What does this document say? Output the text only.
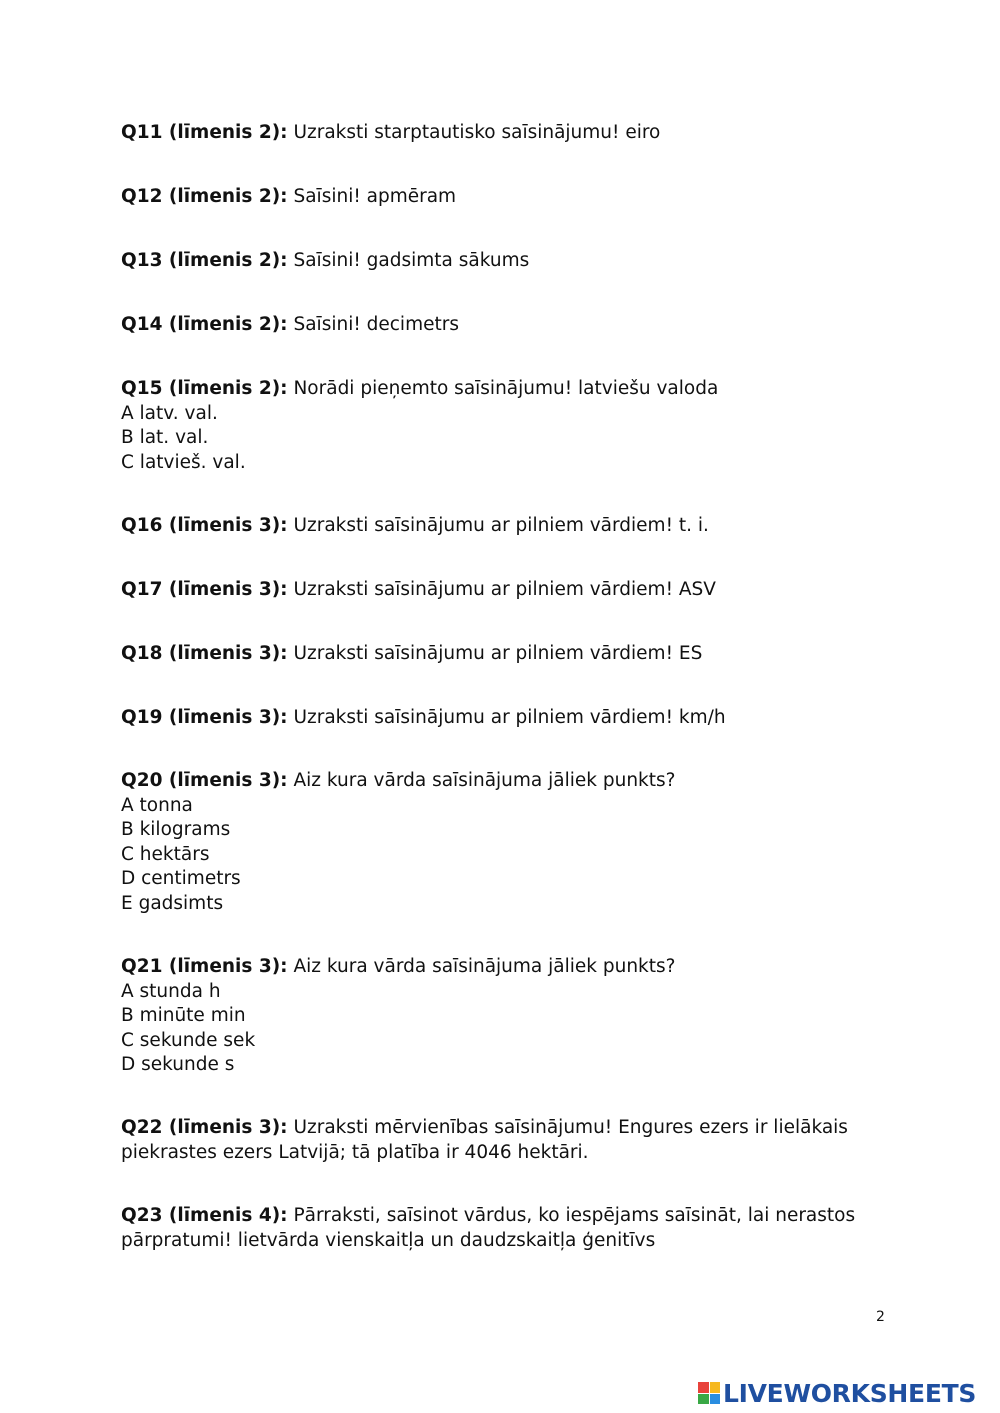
Q11 (līmenis 2): Uzraksti starptautisko saīsinājumu! eiro
Q12 (līmenis 2): Saīsini! apmēram
Q13 (līmenis 2): Saīsini! gadsimta sākums
Q14 (līmenis 2): Saīsini! decimetrs
Q15 (līmenis 2): Norādi pieņemto saīsinājumu! latviešu valoda
A latv. val.
B lat. val.
C latvieš. val.
Q16 (līmenis 3): Uzraksti saīsinājumu ar pilniem vārdiem! t. i.
Q17 (līmenis 3): Uzraksti saīsinājumu ar pilniem vārdiem! ASV
Q18 (līmenis 3): Uzraksti saīsinājumu ar pilniem vārdiem! ES
Q19 (līmenis 3): Uzraksti saīsinājumu ar pilniem vārdiem! km/h
Q20 (līmenis 3): Aiz kura vārda saīsinājuma jāliek punkts?
A tonna
B kilograms
C hektārs
D centimetrs
E gadsimts
Q21 (līmenis 3): Aiz kura vārda saīsinājuma jāliek punkts?
A stunda h
B minūte min
C sekunde sek
D sekunde s
Q22 (līmenis 3): Uzraksti mērvienības saīsinājumu! Engures ezers ir lielākais piekrastes ezers Latvijā; tā platība ir 4046 hektāri.
Q23 (līmenis 4): Pārraksti, saīsinot vārdus, ko iespējams saīsināt, lai nerastos pārpratumi! lietvārda vienskaitļa un daudzskaitļa ģenitīvs
2
LIVEWORKSHEETS
